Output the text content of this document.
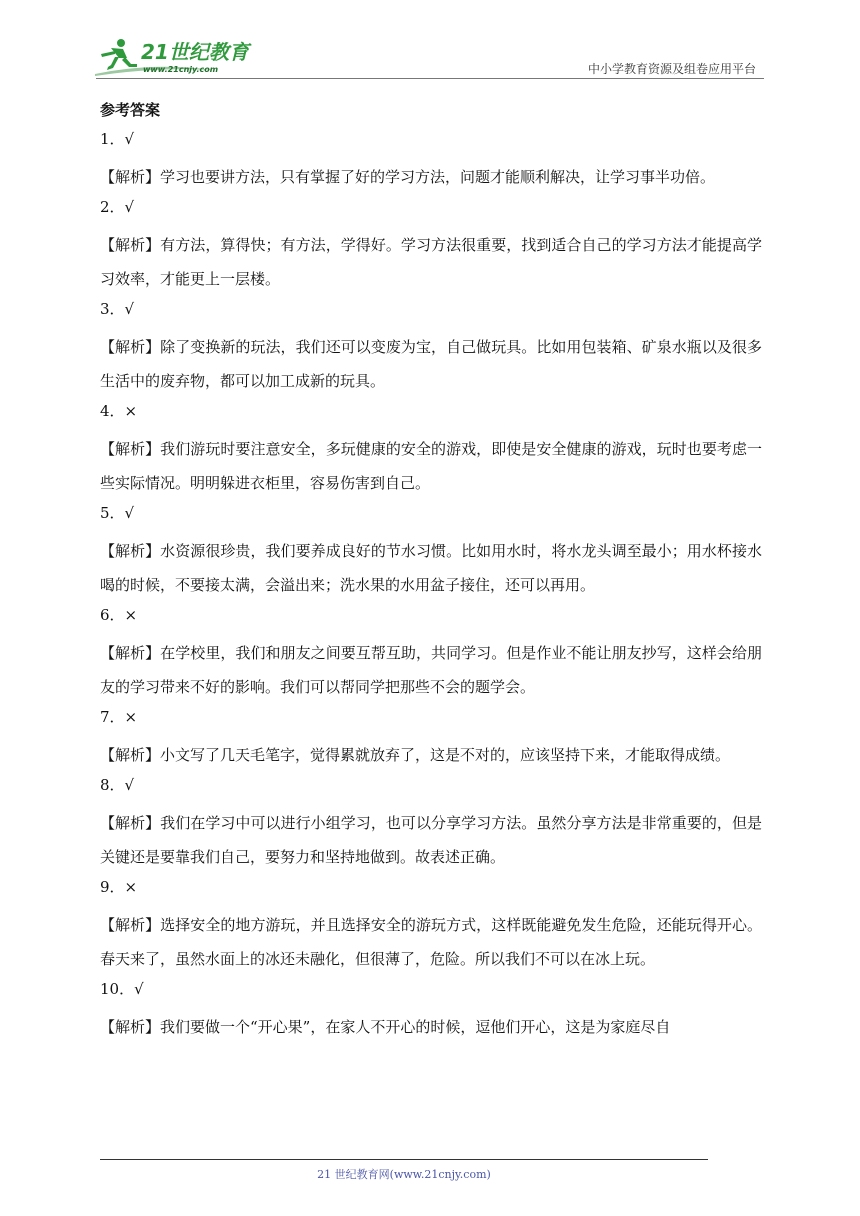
21世纪教育
www.21cnjy.com	中小学教育资源及组卷应用平台

参考答案

1．√

【解析】学习也要讲方法，只有掌握了好的学习方法，问题才能顺利解决，让学习事半功倍。

2．√

【解析】有方法，算得快；有方法，学得好。学习方法很重要，找到适合自己的学习方法才能提高学习效率，才能更上一层楼。

3．√

【解析】除了变换新的玩法，我们还可以变废为宝，自己做玩具。比如用包装箱、矿泉水瓶以及很多生活中的废弃物，都可以加工成新的玩具。

4．×

【解析】我们游玩时要注意安全，多玩健康的安全的游戏，即使是安全健康的游戏，玩时也要考虑一些实际情况。明明躲进衣柜里，容易伤害到自己。

5．√

【解析】水资源很珍贵，我们要养成良好的节水习惯。比如用水时，将水龙头调至最小；用水杯接水喝的时候，不要接太满，会溢出来；洗水果的水用盆子接住，还可以再用。

6．×

【解析】在学校里，我们和朋友之间要互帮互助，共同学习。但是作业不能让朋友抄写，这样会给朋友的学习带来不好的影响。我们可以帮同学把那些不会的题学会。

7．×

【解析】小文写了几天毛笔字，觉得累就放弃了，这是不对的，应该坚持下来，才能取得成绩。

8．√

【解析】我们在学习中可以进行小组学习，也可以分享学习方法。虽然分享方法是非常重要的，但是关键还是要靠我们自己，要努力和坚持地做到。故表述正确。

9．×

【解析】选择安全的地方游玩，并且选择安全的游玩方式，这样既能避免发生危险，还能玩得开心。春天来了，虽然水面上的冰还未融化，但很薄了，危险。所以我们不可以在冰上玩。

10．√

【解析】我们要做一个“开心果”，在家人不开心的时候，逗他们开心，这是为家庭尽自

21 世纪教育网(www.21cnjy.com)
